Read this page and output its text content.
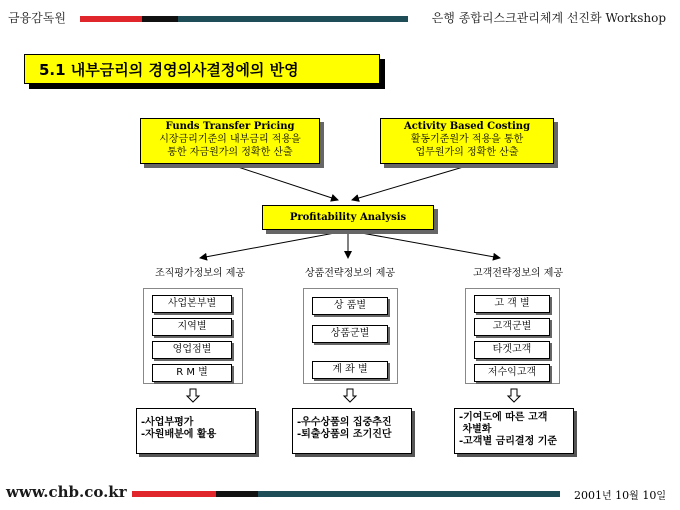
금융감독원	은행 종합리스크관리체계 선진화 Workshop
5.1 내부금리의 경영의사결정에의 반영
Funds Transfer Pricing
시장금리기준의 내부금리 적용을
통한 자금원가의 정확한 산출
Activity Based Costing
활동기준원가 적용을 통한
업무원가의 정확한 산출
Profitability Analysis
조직평가정보의 제공	상품전략정보의 제공	고객전략정보의 제공
사업본부별
지역별
영업점별
R M 별
상 품별
상품군별
계 좌 별
고 객 별
고객군별
타겟고객
저수익고객
-사업부평가
-자원배분에 활용
-우수상품의 집중추진
-퇴출상품의 조기진단
-기여도에 따른 고객
차별화
-고객별 금리결정 기준
www.chb.co.kr	2001년 10월 10일
